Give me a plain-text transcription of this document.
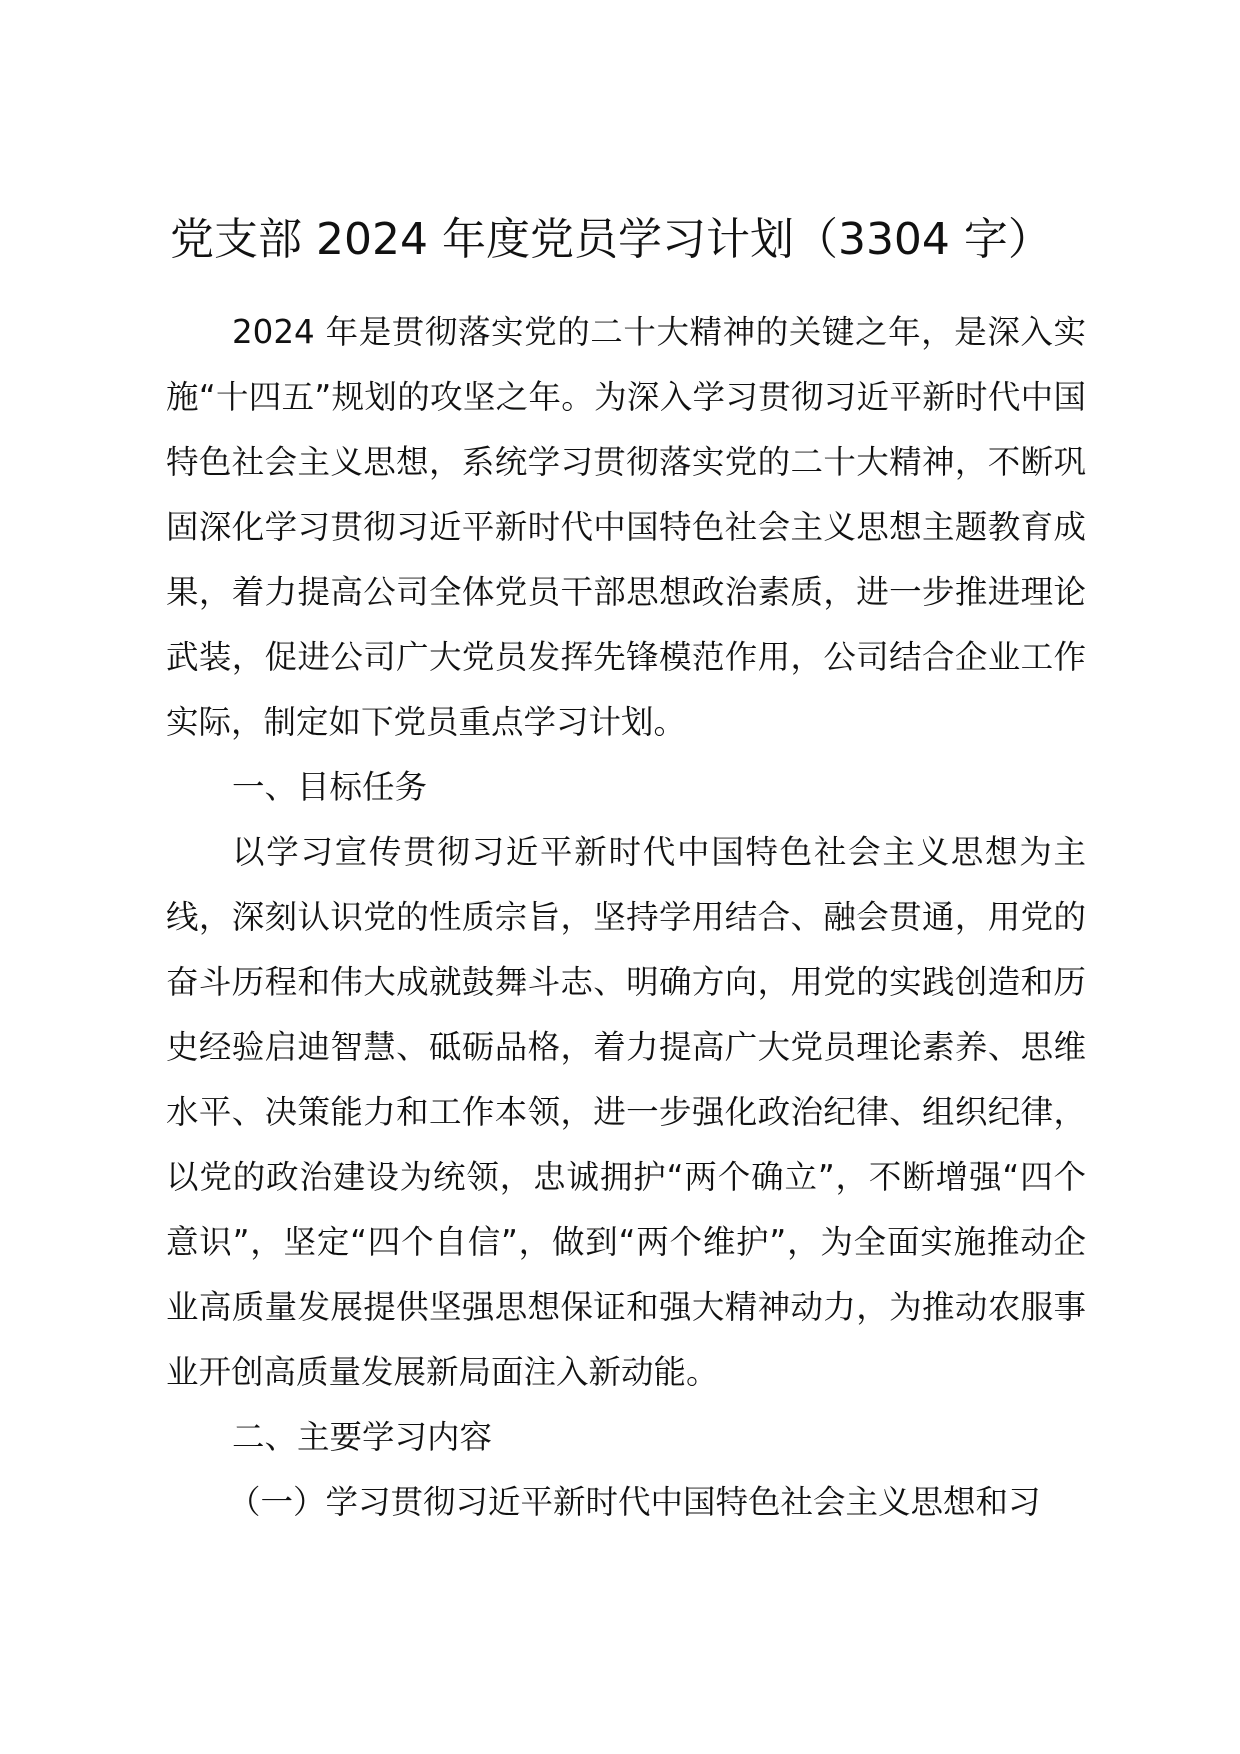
党支部 2024 年度党员学习计划（3304 字）

2024 年是贯彻落实党的二十大精神的关键之年，是深入实施“十四五”规划的攻坚之年。为深入学习贯彻习近平新时代中国特色社会主义思想，系统学习贯彻落实党的二十大精神，不断巩固深化学习贯彻习近平新时代中国特色社会主义思想主题教育成果，着力提高公司全体党员干部思想政治素质，进一步推进理论武装，促进公司广大党员发挥先锋模范作用，公司结合企业工作实际，制定如下党员重点学习计划。

一、目标任务

以学习宣传贯彻习近平新时代中国特色社会主义思想为主线，深刻认识党的性质宗旨，坚持学用结合、融会贯通，用党的奋斗历程和伟大成就鼓舞斗志、明确方向，用党的实践创造和历史经验启迪智慧、砥砺品格，着力提高广大党员理论素养、思维水平、决策能力和工作本领，进一步强化政治纪律、组织纪律，以党的政治建设为统领，忠诚拥护“两个确立”，不断增强“四个意识”，坚定“四个自信”，做到“两个维护”，为全面实施推动企业高质量发展提供坚强思想保证和强大精神动力，为推动农服事业开创高质量发展新局面注入新动能。

二、主要学习内容

（一）学习贯彻习近平新时代中国特色社会主义思想和习
